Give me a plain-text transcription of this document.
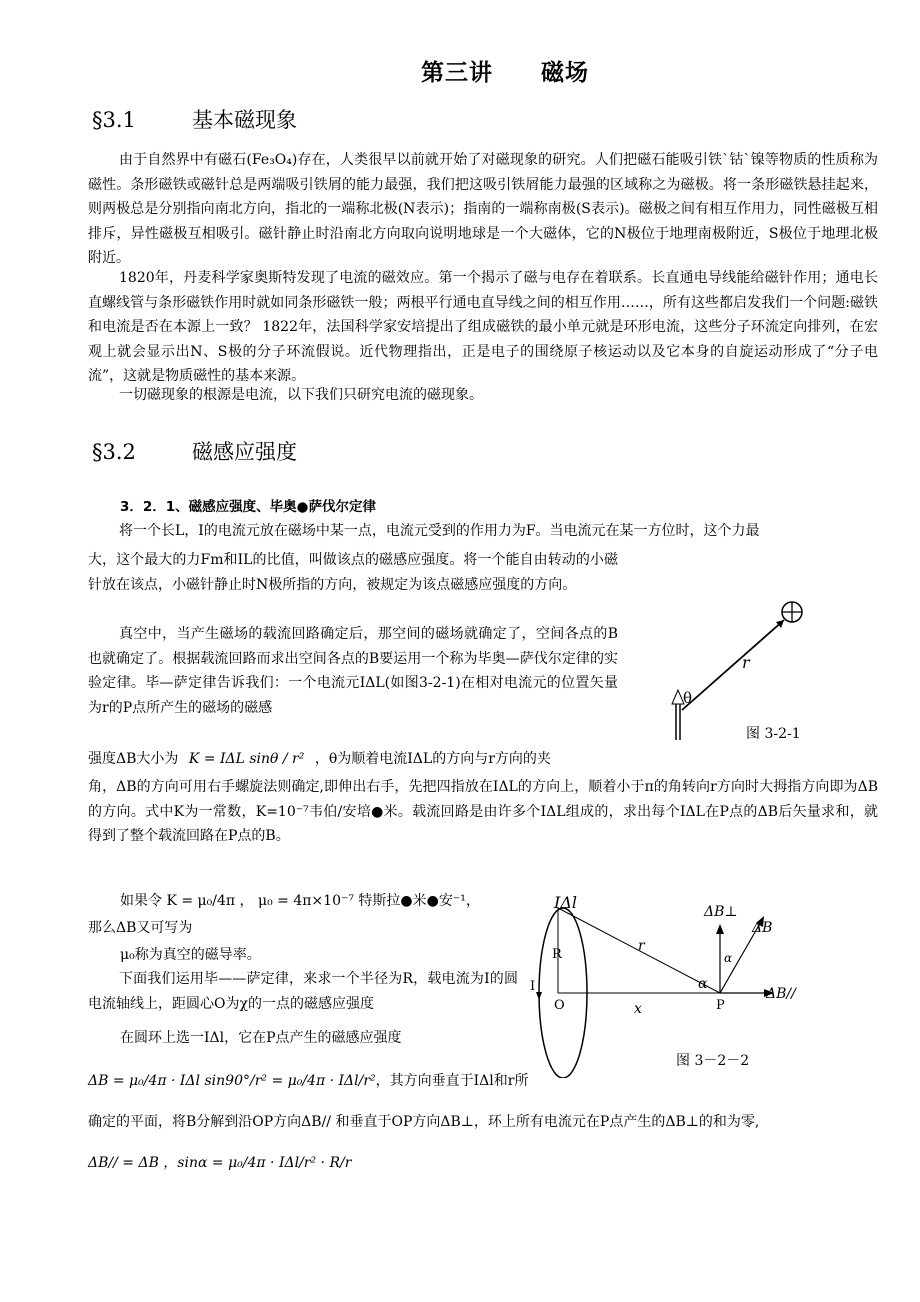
第三讲　　磁场
§3.1	基本磁现象

由于自然界中有磁石(Fe₃O₄)存在，人类很早以前就开始了对磁现象的研究。人们把磁石能吸引铁`钴`镍等物质的性质称为磁性。条形磁铁或磁针总是两端吸引铁屑的能力最强，我们把这吸引铁屑能力最强的区域称之为磁极。将一条形磁铁悬挂起来，则两极总是分别指向南北方向，指北的一端称北极(N表示)；指南的一端称南极(S表示)。磁极之间有相互作用力，同性磁极互相排斥，异性磁极互相吸引。磁针静止时沿南北方向取向说明地球是一个大磁体，它的N极位于地理南极附近，S极位于地理北极附近。

1820年，丹麦科学家奥斯特发现了电流的磁效应。第一个揭示了磁与电存在着联系。长直通电导线能给磁针作用；通电长直螺线管与条形磁铁作用时就如同条形磁铁一般；两根平行通电直导线之间的相互作用……，所有这些都启发我们一个问题:磁铁和电流是否在本源上一致？ 1822年，法国科学家安培提出了组成磁铁的最小单元就是环形电流，这些分子环流定向排列，在宏观上就会显示出N、S极的分子环流假说。近代物理指出，正是电子的围绕原子核运动以及它本身的自旋运动形成了“分子电流”，这就是物质磁性的基本来源。

一切磁现象的根源是电流，以下我们只研究电流的磁现象。

§3.2	磁感应强度
3．2．1、磁感应强度、毕奥●萨伐尔定律
将一个长L，I的电流元放在磁场中某一点，电流元受到的作用力为F。当电流元在某一方位时，这个力最

大，这个最大的力Fm和IL的比值，叫做该点的磁感应强度。将一个能自由转动的小磁针放在该点，小磁针静止时N极所指的方向，被规定为该点磁感应强度的方向。

真空中，当产生磁场的载流回路确定后，那空间的磁场就确定了，空间各点的B也就确定了。根据载流回路而求出空间各点的B要运用一个称为毕奥—萨伐尔定律的实验定律。毕—萨定律告诉我们：一个电流元IΔL(如图3-2-1)在相对电流元的位置矢量为r的P点所产生的磁场的磁感

强度ΔB大小为 K = IΔL sinθ / r² ，θ为顺着电流IΔL的方向与r方向的夹

角，ΔB的方向可用右手螺旋法则确定,即伸出右手，先把四指放在IΔL的方向上，顺着小于π的角转向r方向时大拇指方向即为ΔB的方向。式中K为一常数，K=10⁻⁷韦伯/安培●米。载流回路是由许多个IΔL组成的，求出每个IΔL在P点的ΔB后矢量求和，就得到了整个载流回路在P点的B。

θ
r
图 3-2-1
如果令 K = μ₀/4π ， μ₀ = 4π×10⁻⁷ 特斯拉●米●安⁻¹，
那么ΔB又可写为
μ₀称为真空的磁导率。

下面我们运用毕——萨定律，来求一个半径为R，载电流为I的圆电流轴线上，距圆心O为χ的一点的磁感应强度

在圆环上选一IΔl，它在P点产生的磁感应强度
ΔB = μ₀/4π · IΔl sin90°/r² = μ₀/4π · IΔl/r²，其方向垂直于IΔl和r所

确定的平面，将B分解到沿OP方向ΔB// 和垂直于OP方向ΔB⊥，环上所有电流元在P点产生的ΔB⊥的和为零,

ΔB// = ΔB ，sinα = μ₀/4π · IΔl/r² · R/r
IΔl
R
I
O	x
r
α
α
P
ΔB
ΔB⊥
ΔB//
图 3－2－2
